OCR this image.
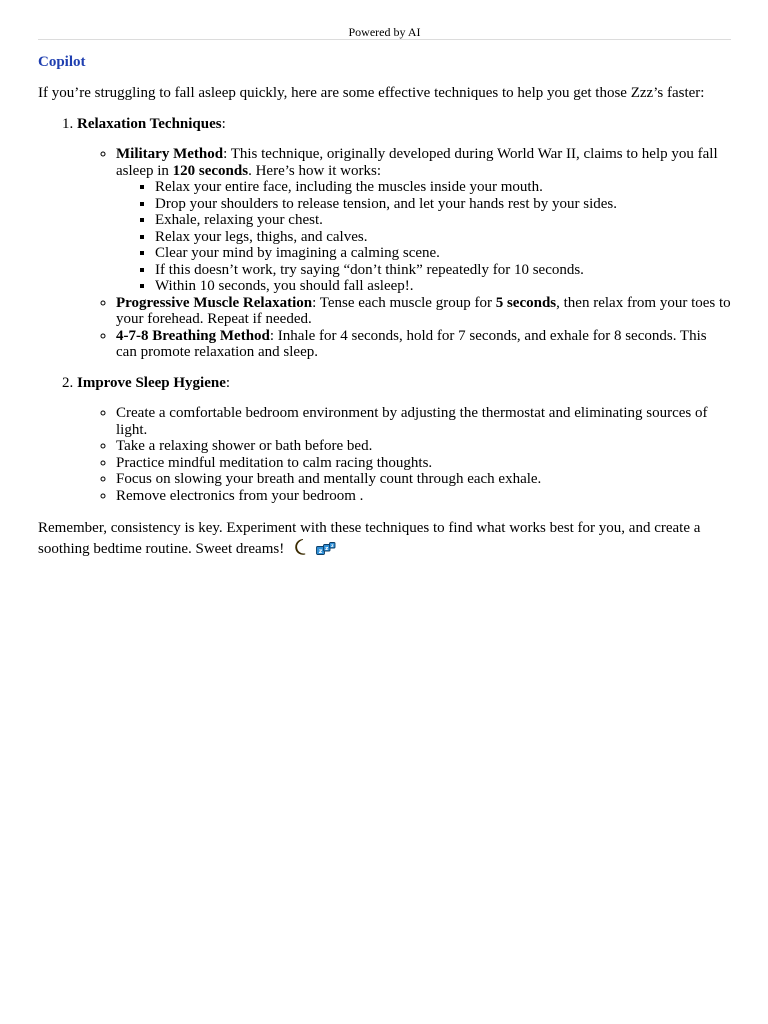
Powered by AI
Copilot

If you’re struggling to fall asleep quickly, here are some effective techniques to help you get those Zzz’s faster:

1. Relaxation Techniques:
◦ Military Method: This technique, originally developed during World War II, claims to help you fall asleep in 120 seconds. Here’s how it works:
▪ Relax your entire face, including the muscles inside your mouth.
▪ Drop your shoulders to release tension, and let your hands rest by your sides.
▪ Exhale, relaxing your chest.
▪ Relax your legs, thighs, and calves.
▪ Clear your mind by imagining a calming scene.
▪ If this doesn’t work, try saying “don’t think” repeatedly for 10 seconds.
▪ Within 10 seconds, you should fall asleep!.
◦ Progressive Muscle Relaxation: Tense each muscle group for 5 seconds, then relax from your toes to your forehead. Repeat if needed.
◦ 4-7-8 Breathing Method: Inhale for 4 seconds, hold for 7 seconds, and exhale for 8 seconds. This can promote relaxation and sleep.
2. Improve Sleep Hygiene:
◦ Create a comfortable bedroom environment by adjusting the thermostat and eliminating sources of light.
◦ Take a relaxing shower or bath before bed.
◦ Practice mindful meditation to calm racing thoughts.
◦ Focus on slowing your breath and mentally count through each exhale.
◦ Remove electronics from your bedroom .

Remember, consistency is key. Experiment with these techniques to find what works best for you, and create a soothing bedtime routine. Sweet dreams!	z z z
